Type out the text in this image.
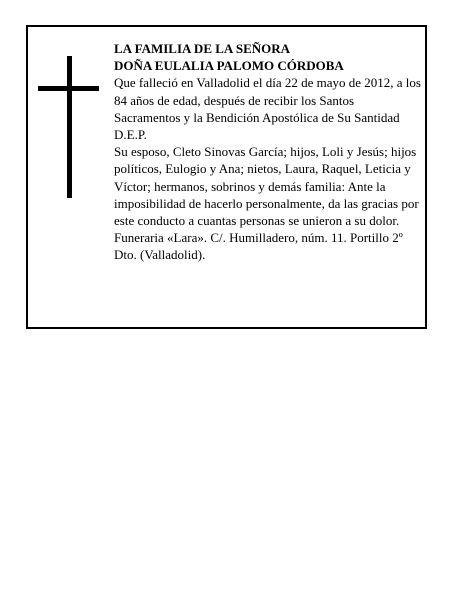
LA FAMILIA DE LA SEÑORA
DOÑA EULALIA PALOMO CÓRDOBA

Que falleció en Valladolid el día 22 de mayo de 2012, a los 84 años de edad, después de recibir los Santos Sacramentos y la Bendición Apostólica de Su Santidad D.E.P.

Su esposo, Cleto Sinovas García; hijos, Loli y Jesús; hijos políticos, Eulogio y Ana; nietos, Laura, Raquel, Leticia y Víctor; hermanos, sobrinos y demás familia: Ante la imposibilidad de hacerlo personalmente, da las gracias por este conducto a cuantas personas se unieron a su dolor.

Funeraria «Lara». C/. Humilladero, núm. 11. Portillo 2º Dto. (Valladolid).
